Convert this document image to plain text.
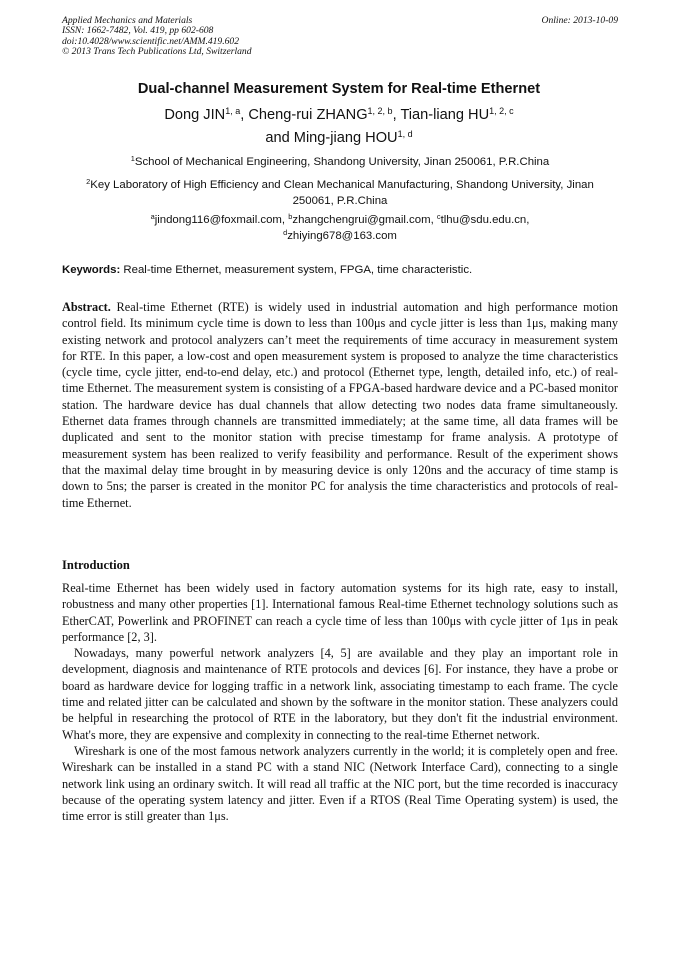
Applied Mechanics and Materials
ISSN: 1662-7482, Vol. 419, pp 602-608
doi:10.4028/www.scientific.net/AMM.419.602
© 2013 Trans Tech Publications Ltd, Switzerland
Online: 2013-10-09
Dual-channel Measurement System for Real-time Ethernet
Dong JIN$^{1, a}$, Cheng-rui ZHANG$^{1, 2, b}$, Tian-liang HU$^{1, 2, c}$
and Ming-jiang HOU$^{1, d}$
$^1$School of Mechanical Engineering, Shandong University, Jinan 250061, P.R.China
$^2$Key Laboratory of High Efficiency and Clean Mechanical Manufacturing, Shandong University, Jinan 250061, P.R.China
$^a$jindong116@foxmail.com, $^b$zhangchengrui@gmail.com, $^c$tlhu@sdu.edu.cn, $^d$zhiying678@163.com
Keywords: Real-time Ethernet, measurement system, FPGA, time characteristic.
Abstract. Real-time Ethernet (RTE) is widely used in industrial automation and high performance motion control field. Its minimum cycle time is down to less than 100μs and cycle jitter is less than 1μs, making many existing network and protocol analyzers can’t meet the requirements of time accuracy in measurement system for RTE. In this paper, a low-cost and open measurement system is proposed to analyze the time characteristics (cycle time, cycle jitter, end-to-end delay, etc.) and protocol (Ethernet type, length, detailed info, etc.) of real-time Ethernet. The measurement system is consisting of a FPGA-based hardware device and a PC-based monitor station. The hardware device has dual channels that allow detecting two nodes data frame simultaneously. Ethernet data frames through channels are transmitted immediately; at the same time, all data frames will be duplicated and sent to the monitor station with precise timestamp for frame analysis. A prototype of measurement system has been realized to verify feasibility and performance. Result of the experiment shows that the maximal delay time brought in by measuring device is only 120ns and the accuracy of time stamp is down to 5ns; the parser is created in the monitor PC for analysis the time characteristics and protocols of real-time Ethernet.
Introduction

Real-time Ethernet has been widely used in factory automation systems for its high rate, easy to install, robustness and many other properties [1]. International famous Real-time Ethernet technology solutions such as EtherCAT, Powerlink and PROFINET can reach a cycle time of less than 100μs with cycle jitter of 1μs in peak performance [2, 3].

Nowadays, many powerful network analyzers [4, 5] are available and they play an important role in development, diagnosis and maintenance of RTE protocols and devices [6]. For instance, they have a probe or board as hardware device for logging traffic in a network link, associating timestamp to each frame. The cycle time and related jitter can be calculated and shown by the software in the monitor station. These analyzers could be helpful in researching the protocol of RTE in the laboratory, but they don't fit the industrial environment. What's more, they are expensive and complexity in connecting to the real-time Ethernet network.

Wireshark is one of the most famous network analyzers currently in the world; it is completely open and free. Wireshark can be installed in a stand PC with a stand NIC (Network Interface Card), connecting to a single network link using an ordinary switch. It will read all traffic at the NIC port, but the time recorded is inaccuracy because of the operating system latency and jitter. Even if a RTOS (Real Time Operating system) is used, the time error is still greater than 1μs.
